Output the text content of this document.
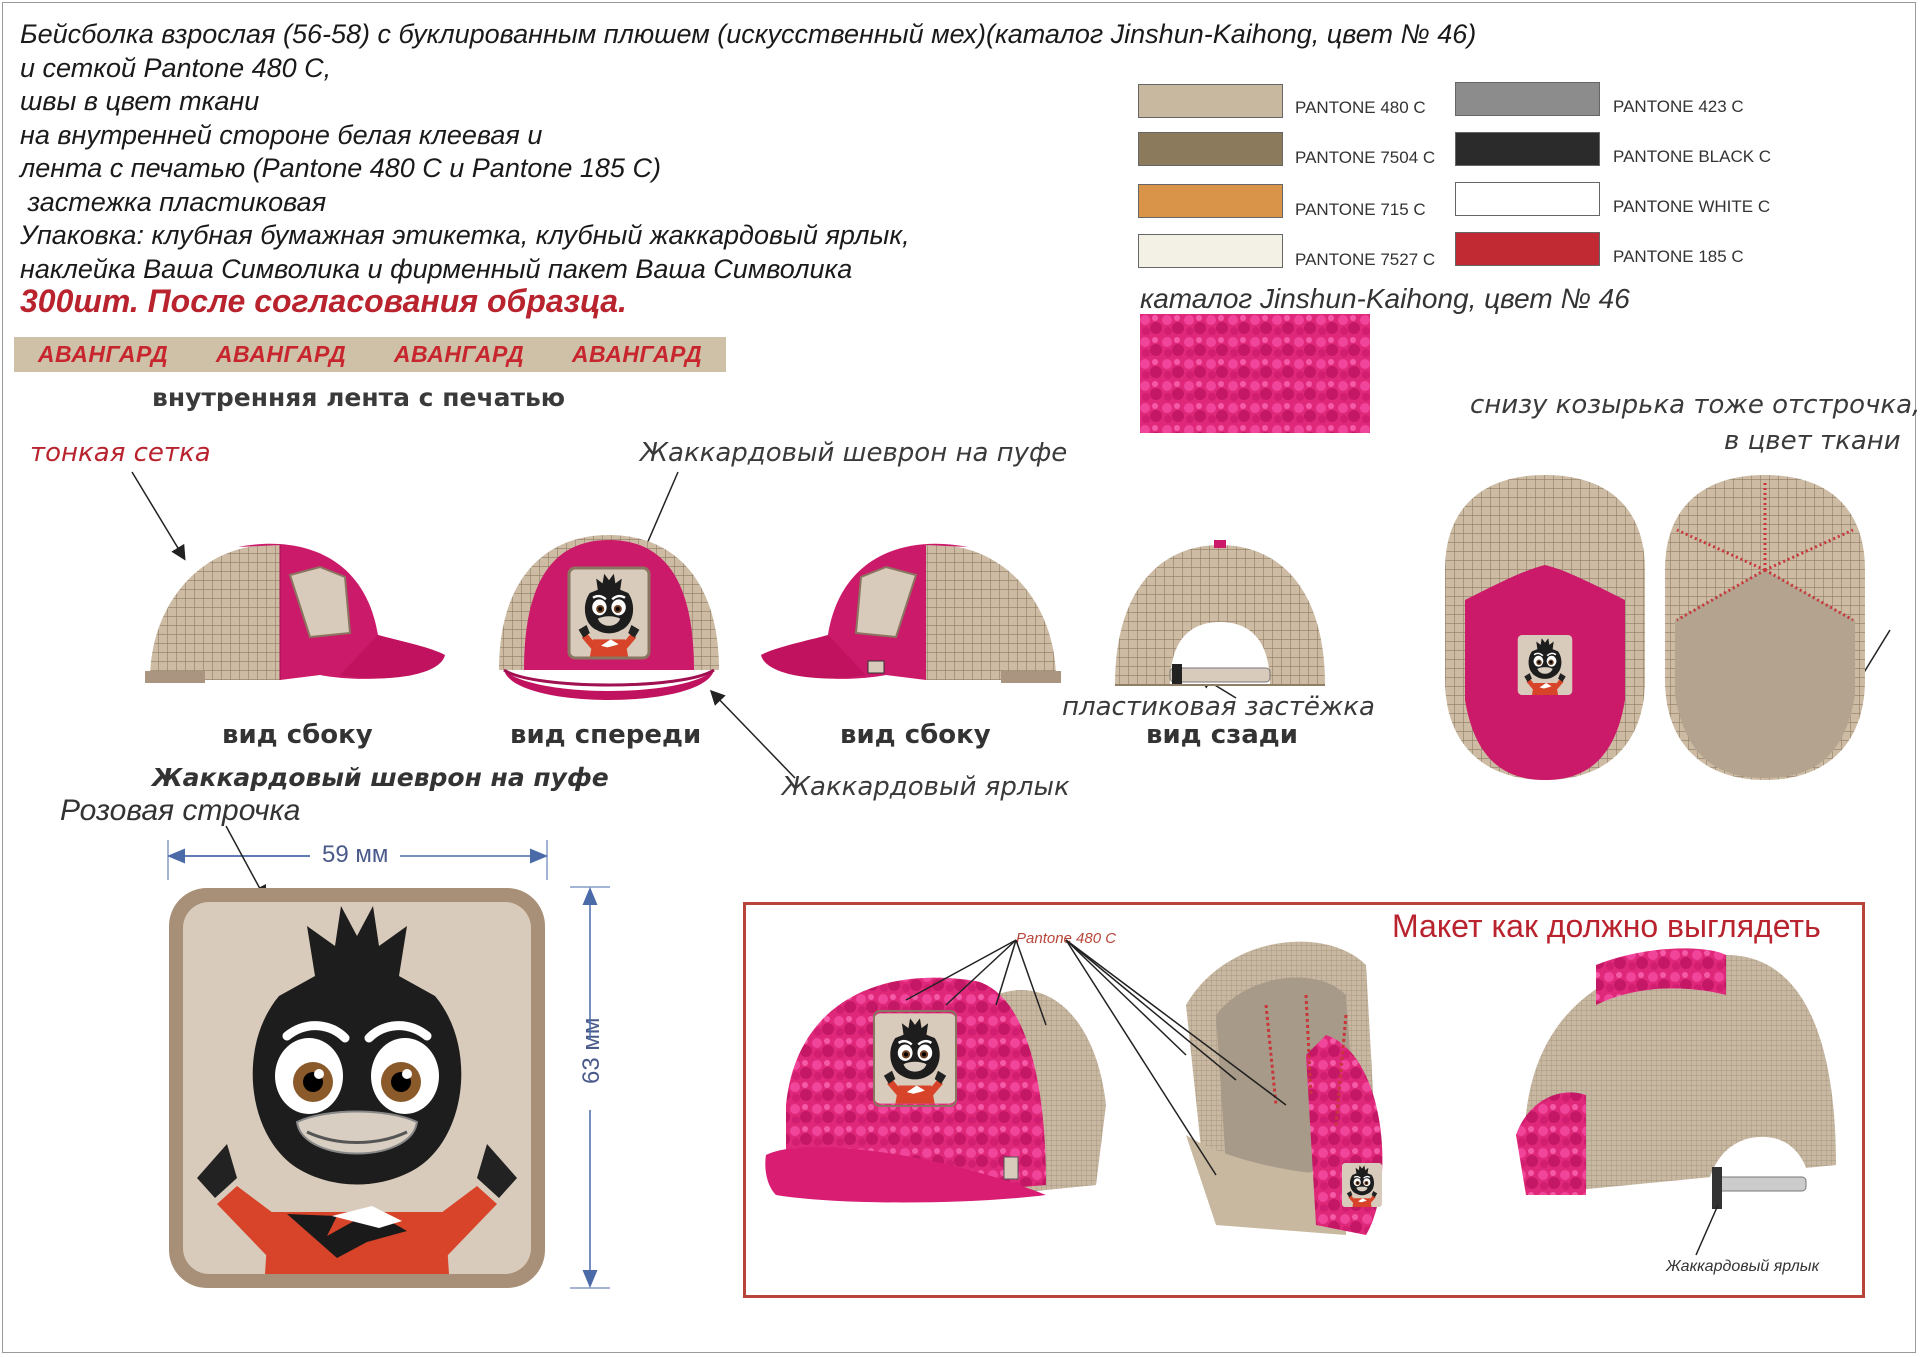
Бейсболка взрослая (56-58) с буклированным плюшем (искусственный мех)(каталог Jinshun-Kaihong, цвет № 46)
и сеткой Pantone 480 C,
швы в цвет ткани
на внутренней стороне белая клеевая и
лента с печатью (Pantone 480 C и Pantone 185 C)
застежка пластиковая
Упаковка: клубная бумажная этикетка, клубный жаккардовый ярлык,
наклейка Ваша Символика и фирменный пакет Ваша Символика
300шт. После согласования образца.
АВАНГАРД АВАНГАРД АВАНГАРД АВАНГАРД
внутренняя лента с печатью
PANTONE 480 C
PANTONE 7504 C
PANTONE 715 C
PANTONE 7527 C
PANTONE 423 C
PANTONE BLACK C
PANTONE WHITE C
PANTONE 185 C
каталог Jinshun-Kaihong, цвет № 46
тонкая сетка	Жаккардовый шеврон на пуфе
снизу козырька тоже отстрочка,
в цвет ткани
пластиковая застёжка
Жаккардовый ярлык
вид сбоку	вид спереди	вид сбоку	вид сзади
Жаккардовый шеврон на пуфе
Розовая строчка
59 мм
63 мм
Макет как должно выглядеть
Pantone 480 C
Жаккардовый ярлык
